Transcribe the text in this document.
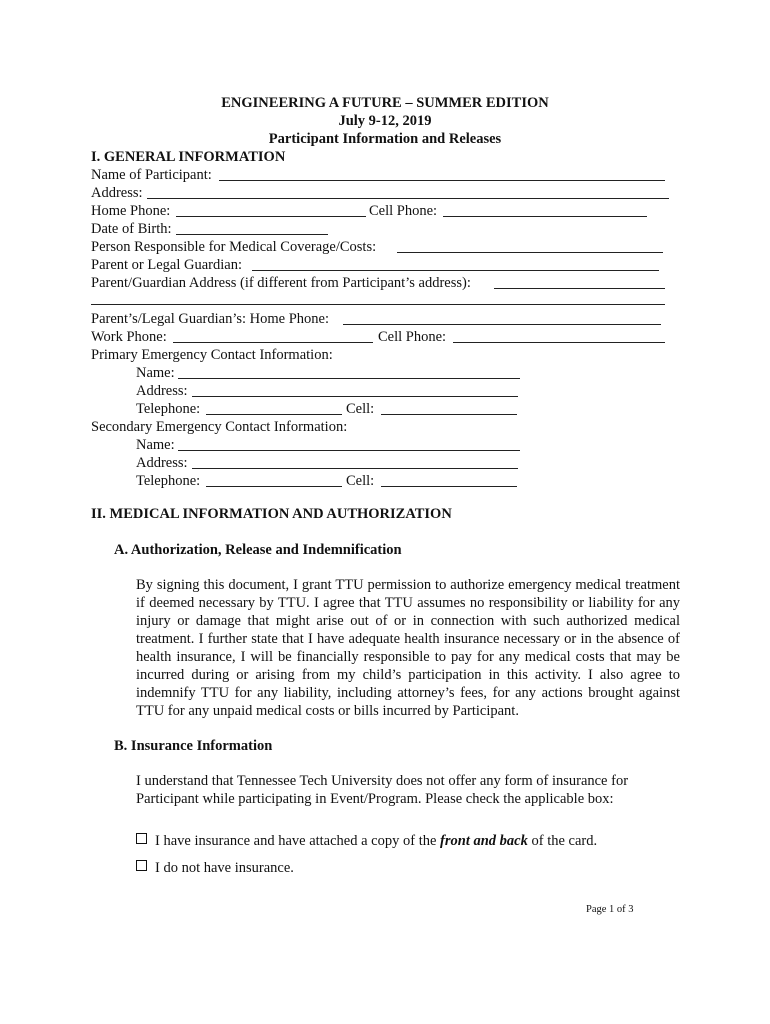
ENGINEERING A FUTURE – SUMMER EDITION
July 9-12, 2019
Participant Information and Releases
I. GENERAL INFORMATION
Name of Participant:
Address:
Home Phone:	Cell Phone:
Date of Birth:
Person Responsible for Medical Coverage/Costs:
Parent or Legal Guardian:
Parent/Guardian Address (if different from Participant’s address):
Parent’s/Legal Guardian’s: Home Phone:
Work Phone:	Cell Phone:
Primary Emergency Contact Information:
Name:
Address:
Telephone:	Cell:
Secondary Emergency Contact Information:
Name:
Address:
Telephone:	Cell:
II. MEDICAL INFORMATION AND AUTHORIZATION
A. Authorization, Release and Indemnification
By signing this document, I grant TTU permission to authorize emergency medical treatment if deemed necessary by TTU. I agree that TTU assumes no responsibility or liability for any injury or damage that might arise out of or in connection with such authorized medical treatment. I further state that I have adequate health insurance necessary or in the absence of health insurance, I will be financially responsible to pay for any medical costs that may be incurred during or arising from my child’s participation in this activity. I also agree to indemnify TTU for any liability, including attorney’s fees, for any actions brought against TTU for any unpaid medical costs or bills incurred by Participant.
B. Insurance Information
I understand that Tennessee Tech University does not offer any form of insurance for Participant while participating in Event/Program. Please check the applicable box:
I have insurance and have attached a copy of the front and back of the card.
I do not have insurance.
Page 1 of 3
